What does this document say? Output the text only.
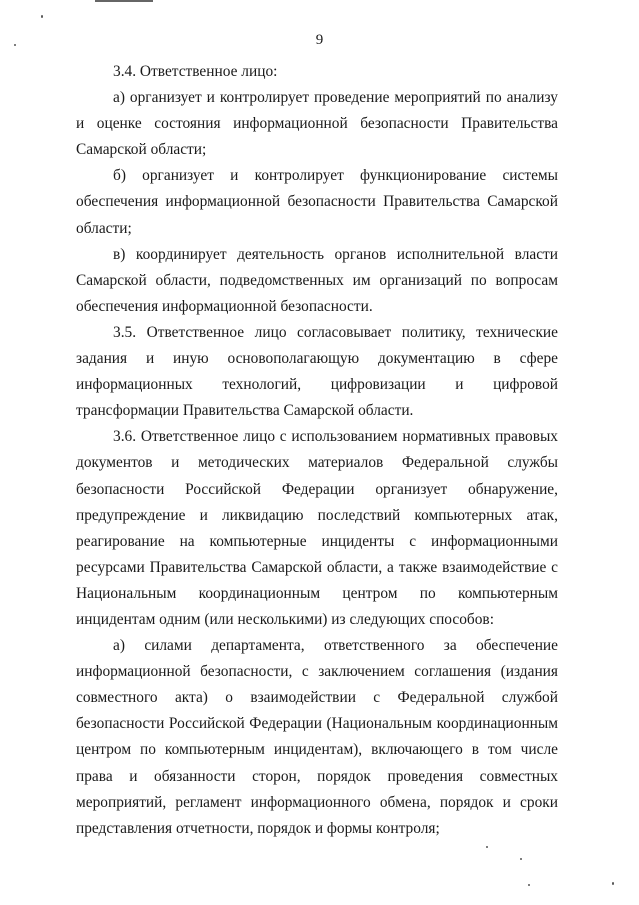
9

3.4. Ответственное лицо:

а) организует и контролирует проведение мероприятий по анализу и оценке состояния информационной безопасности Правительства Самарской области;

б) организует и контролирует функционирование системы обеспечения информационной безопасности Правительства Самарской области;

в) координирует деятельность органов исполнительной власти Самарской области, подведомственных им организаций по вопросам обеспечения информационной безопасности.

3.5. Ответственное лицо согласовывает политику, технические задания и иную основополагающую документацию в сфере информационных технологий, цифровизации и цифровой трансформации Правительства Самарской области.

3.6. Ответственное лицо с использованием нормативных правовых документов и методических материалов Федеральной службы безопасности Российской Федерации организует обнаружение, предупреждение и ликвидацию последствий компьютерных атак, реагирование на компьютерные инциденты с информационными ресурсами Правительства Самарской области, а также взаимодействие с Национальным координационным центром по компьютерным инцидентам одним (или несколькими) из следующих способов:

а) силами департамента, ответственного за обеспечение информационной безопасности, с заключением соглашения (издания совместного акта) о взаимодействии с Федеральной службой безопасности Российской Федерации (Национальным координационным центром по компьютерным инцидентам), включающего в том числе права и обязанности сторон, порядок проведения совместных мероприятий, регламент информационного обмена, порядок и сроки представления отчетности, порядок и формы контроля;
